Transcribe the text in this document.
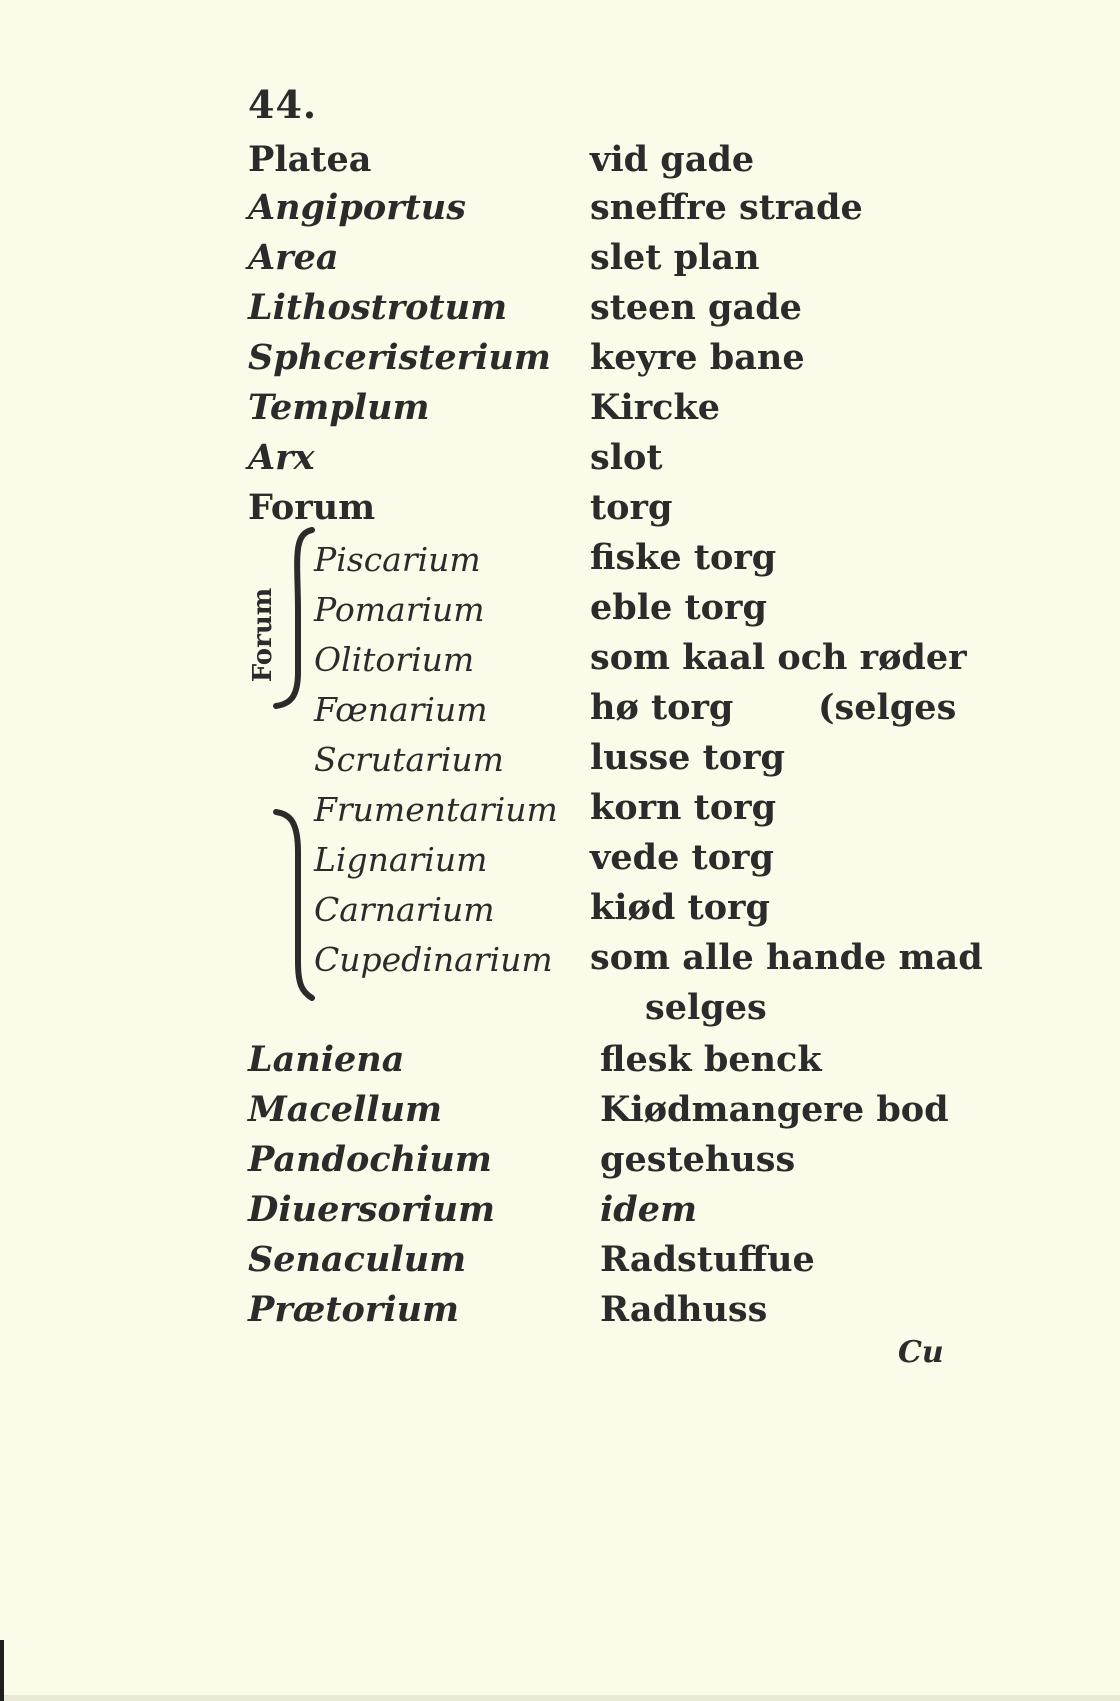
44.
Platea	vid gade
Angiportus	sneffre strade
Area	slet plan
Lithostrotum steen gade
Sphceristerium keyre bane
Templum	Kircke
Arx	slot
Forum	torg
Forum
Piscarium	fiske torg
Pomarium	eble torg
Olitorium	som kaal och røder
Fœnarium	hø torg (selges
Scrutarium lusse torg
Frumentarium korn torg
Lignarium	vede torg
Carnarium	kiød torg
Cupedinarium som alle hande mad
selges
Laniena	flesk benck
Macellum	Kiødmangere bod
Pandochium	gestehuss
Diuersorium	idem
Senaculum	Radstuffue
Prætorium	Radhuss
Cu
